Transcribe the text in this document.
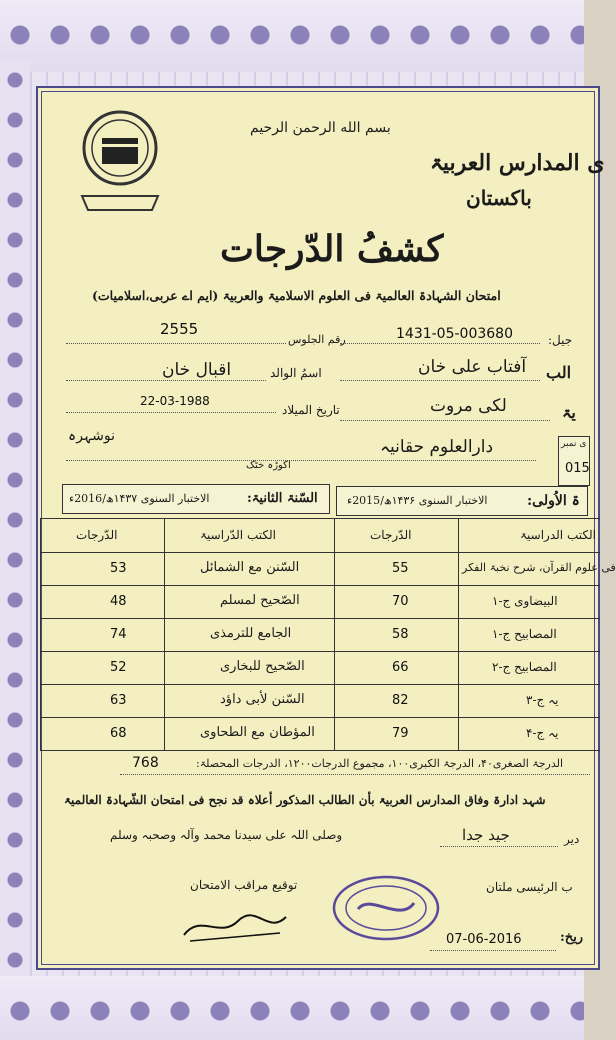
بسم الله الرحمن الرحیم
ی المدارس العربیۃ
باکستان
کشفُ الدّرجات
امتحان الشہادۃ العالمیۃ فی العلوم الاسلامیۃ والعربیۃ (ایم اے عربی،اسلامیات)
جیل:
1431-05-003680
رقم الجلوس
2555
الب
آفتاب علی خان
اسمُ الوالد
اقبال خان
یۃ
لکی مروت
تاریخ المیلاد
22-03-1988
دارالعلوم حقانیہ
نوشہرہ
اکوڑہ خٹک
ی نمبر
015
ۃ الاُولی:
الاختبار السنوی ۱۴۳۶ھ/2015ء
السّنۃ الثانیۃ:
الاختبار السنوی ۱۴۳۷ھ/2016ء
الکتب الدراسیۃ
الدّرجات
الکتب الدّراسیۃ
الدّرجات
فی علوم القرآن، شرح نخبۃ الفکر
55
السّنن مع الشمائل
53
البیضاوی ج-۱
70
الصّحیح لمسلم
48
المصابیح ج-۱
58
الجامع للترمذی
74
المصابیح ج-۲
66
الصّحیح للبخاری
52
یہ ج-۳
82
السّنن لأبی داؤد
63
یہ ج-۴
79
المؤطان مع الطحاوی
68
الدرجۃ الصغری۴۰، الدرجۃ الکبری۱۰۰، مجموع الدرجات۱۲۰۰، الدرجات المحصلۃ:
768
شہد ادارۃ وفاق المدارس العربیۃ بأن الطالب المذکور أعلاہ قد نجح فی امتحان الشّہادۃ العالمیۃ
دیر
جید جدا
وصلی اللہ علی سیدنا محمد وآلہ وصحبہ وسلم
توقیع مراقب الامتحان	ب الرئیسی ملتان
ریخ:
07-06-2016
